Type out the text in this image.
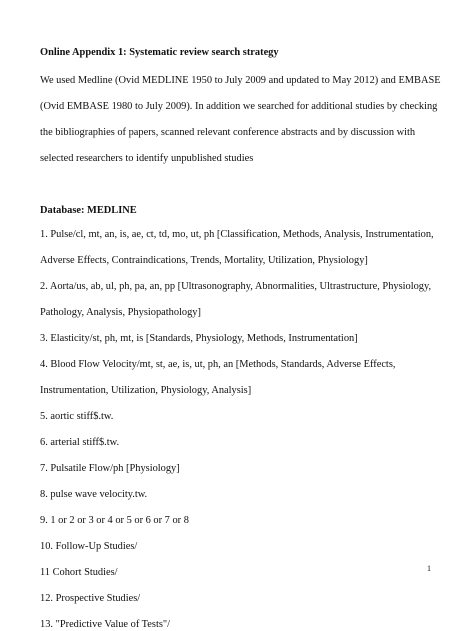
Online Appendix 1: Systematic review search strategy
We used Medline (Ovid MEDLINE 1950 to July 2009 and updated to May 2012) and EMBASE
(Ovid EMBASE 1980 to July 2009). In addition we searched for additional studies by checking
the bibliographies of papers, scanned relevant conference abstracts and by discussion with
selected researchers to identify unpublished studies
Database: MEDLINE
1. Pulse/cl, mt, an, is, ae, ct, td, mo, ut, ph [Classification, Methods, Analysis, Instrumentation,
Adverse Effects, Contraindications, Trends, Mortality, Utilization, Physiology]
2. Aorta/us, ab, ul, ph, pa, an, pp [Ultrasonography, Abnormalities, Ultrastructure, Physiology,
Pathology, Analysis, Physiopathology]
3. Elasticity/st, ph, mt, is [Standards, Physiology, Methods, Instrumentation]
4. Blood Flow Velocity/mt, st, ae, is, ut, ph, an [Methods, Standards, Adverse Effects,
Instrumentation, Utilization, Physiology, Analysis]
5. aortic stiff$.tw.
6. arterial stiff$.tw.
7. Pulsatile Flow/ph [Physiology]
8. pulse wave velocity.tw.
9. 1 or 2 or 3 or 4 or 5 or 6 or 7 or 8
10. Follow-Up Studies/
11 Cohort Studies/
12. Prospective Studies/
13. "Predictive Value of Tests"/
1
